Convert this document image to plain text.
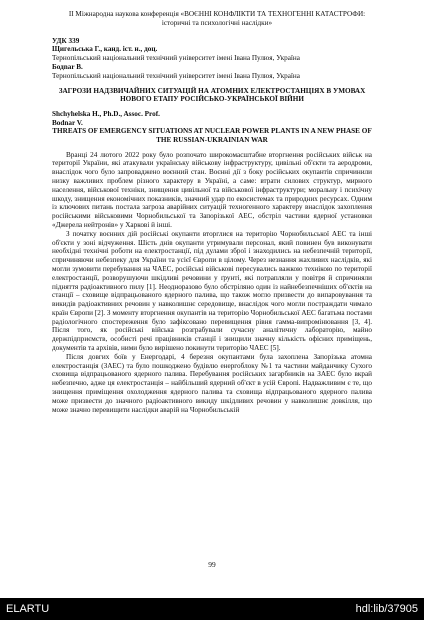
II Міжнародна наукова конференція «ВОЄННІ КОНФЛІКТИ ТА ТЕХНОГЕННІ КАТАСТРОФИ: історичні та психологічні наслідки»
УДК 339
Щигельська Г., канд. іст. н., доц.
Тернопільський національний технічний університет імені Івана Пулюя, Україна
Бодnar В.
Тернопільський національний технічний університет імені Івана Пулюя, Україна
ЗАГРОЗИ НАДЗВИЧАЙНИХ СИТУАЦІЙ НА АТОМНИХ ЕЛЕКТРОСТАНЦІЯХ В УМОВАХ НОВОГО ЕТАПУ РОСІЙСЬКО-УКРАЇНСЬКОЇ ВІЙНИ
Shchyhelska H., Ph.D., Assoc. Prof.
Bodnar V.
THREATS OF EMERGENCY SITUATIONS AT NUCLEAR POWER PLANTS IN A NEW PHASE OF THE RUSSIAN-UKRAINIAN WAR

Вранці 24 лютого 2022 року було розпочато широкомасштабне вторгнення російських військ на території України, які атакували українську військову інфраструктуру, цивільні об'єкти та аеродроми, внаслідок чого було запроваджено воєнний стан. Воєнні дії з боку російських окупантів спричинили низку важливих проблем різного характеру в Україні, а саме: втрати силових структур, мирного населення, військової техніки, знищення цивільної та військової інфраструктури; моральну і психічну шкоду, знищення економічних показників, значний удар по екосистемах та природних ресурсах. Одним із ключових питань постала загроза аварійних ситуацій техногенного характеру внаслідок захоплення російськими військовими Чорнобильської та Запорізької АЕС, обстріл частини ядерної установки «Джерела нейтронів» у Харкові й інші.

З початку воєнних дій російські окупанти вторглися на територію Чорнобильської АЕС та інші об'єкти у зоні відчуження. Шість днів окупанти утримували персонал, який повинен був виконувати необхідні технічні роботи на електростанції, під дулами зброї і знаходились на небезпечній території, спричиняючи небезпеку для України та усієї Європи в цілому. Через незнання жахливих наслідків, які могли зумовити перебування на ЧАЕС, російські військові пересувались важкою технікою по території електростанції, розворушуючи шкідливі речовини у ґрунті, які потрапляли у повітря й спричиняли підняття радіоактивного пилу [1]. Неодноразово було обстріляно один із найнебезпечніших об'єктів на станції – сховище відпрацьованого ядерного палива, що також могло призвести до випаровування та викидів радіоактивних речовин у навколишнє середовище, внаслідок чого могли постраждати чимало країн Європи [2]. З моменту вторгнення окупантів на територію Чорнобильської АЕС багатьма постами радіологічного спостереження було зафіксовано перевищення рівня гамма-випромінювання [3, 4]. Після того, як російські війська розграбували сучасну аналітичну лабораторію, майно держпідприємств, особисті речі працівників станції і знищили значну кількість офісних приміщень, документів та архівів, ними було вирішено покинути територію ЧАЕС [5].

Після довгих боїв у Енергодарі, 4 березня окупантами була захоплена Запорізька атомна електростанція (ЗАЕС) та було пошкоджено будівлю енергоблоку №1 та частини майданчику Сухого сховища відпрацьованого ядерного палива. Перебування російських загарбників на ЗАЕС було вкрай небезпечно, адже ця електростанція – найбільший ядерний об'єкт в усій Європі. Надважливим є те, що знищення приміщення охолодження ядерного палива та сховища відпрацьованого ядерного палива може призвести до значного радіоактивного викиду шкідливих речовин у навколишнє довкілля, що може значно перевищити наслідки аварій на Чорнобильській

99
ELARTU	hdl:lib/37905
